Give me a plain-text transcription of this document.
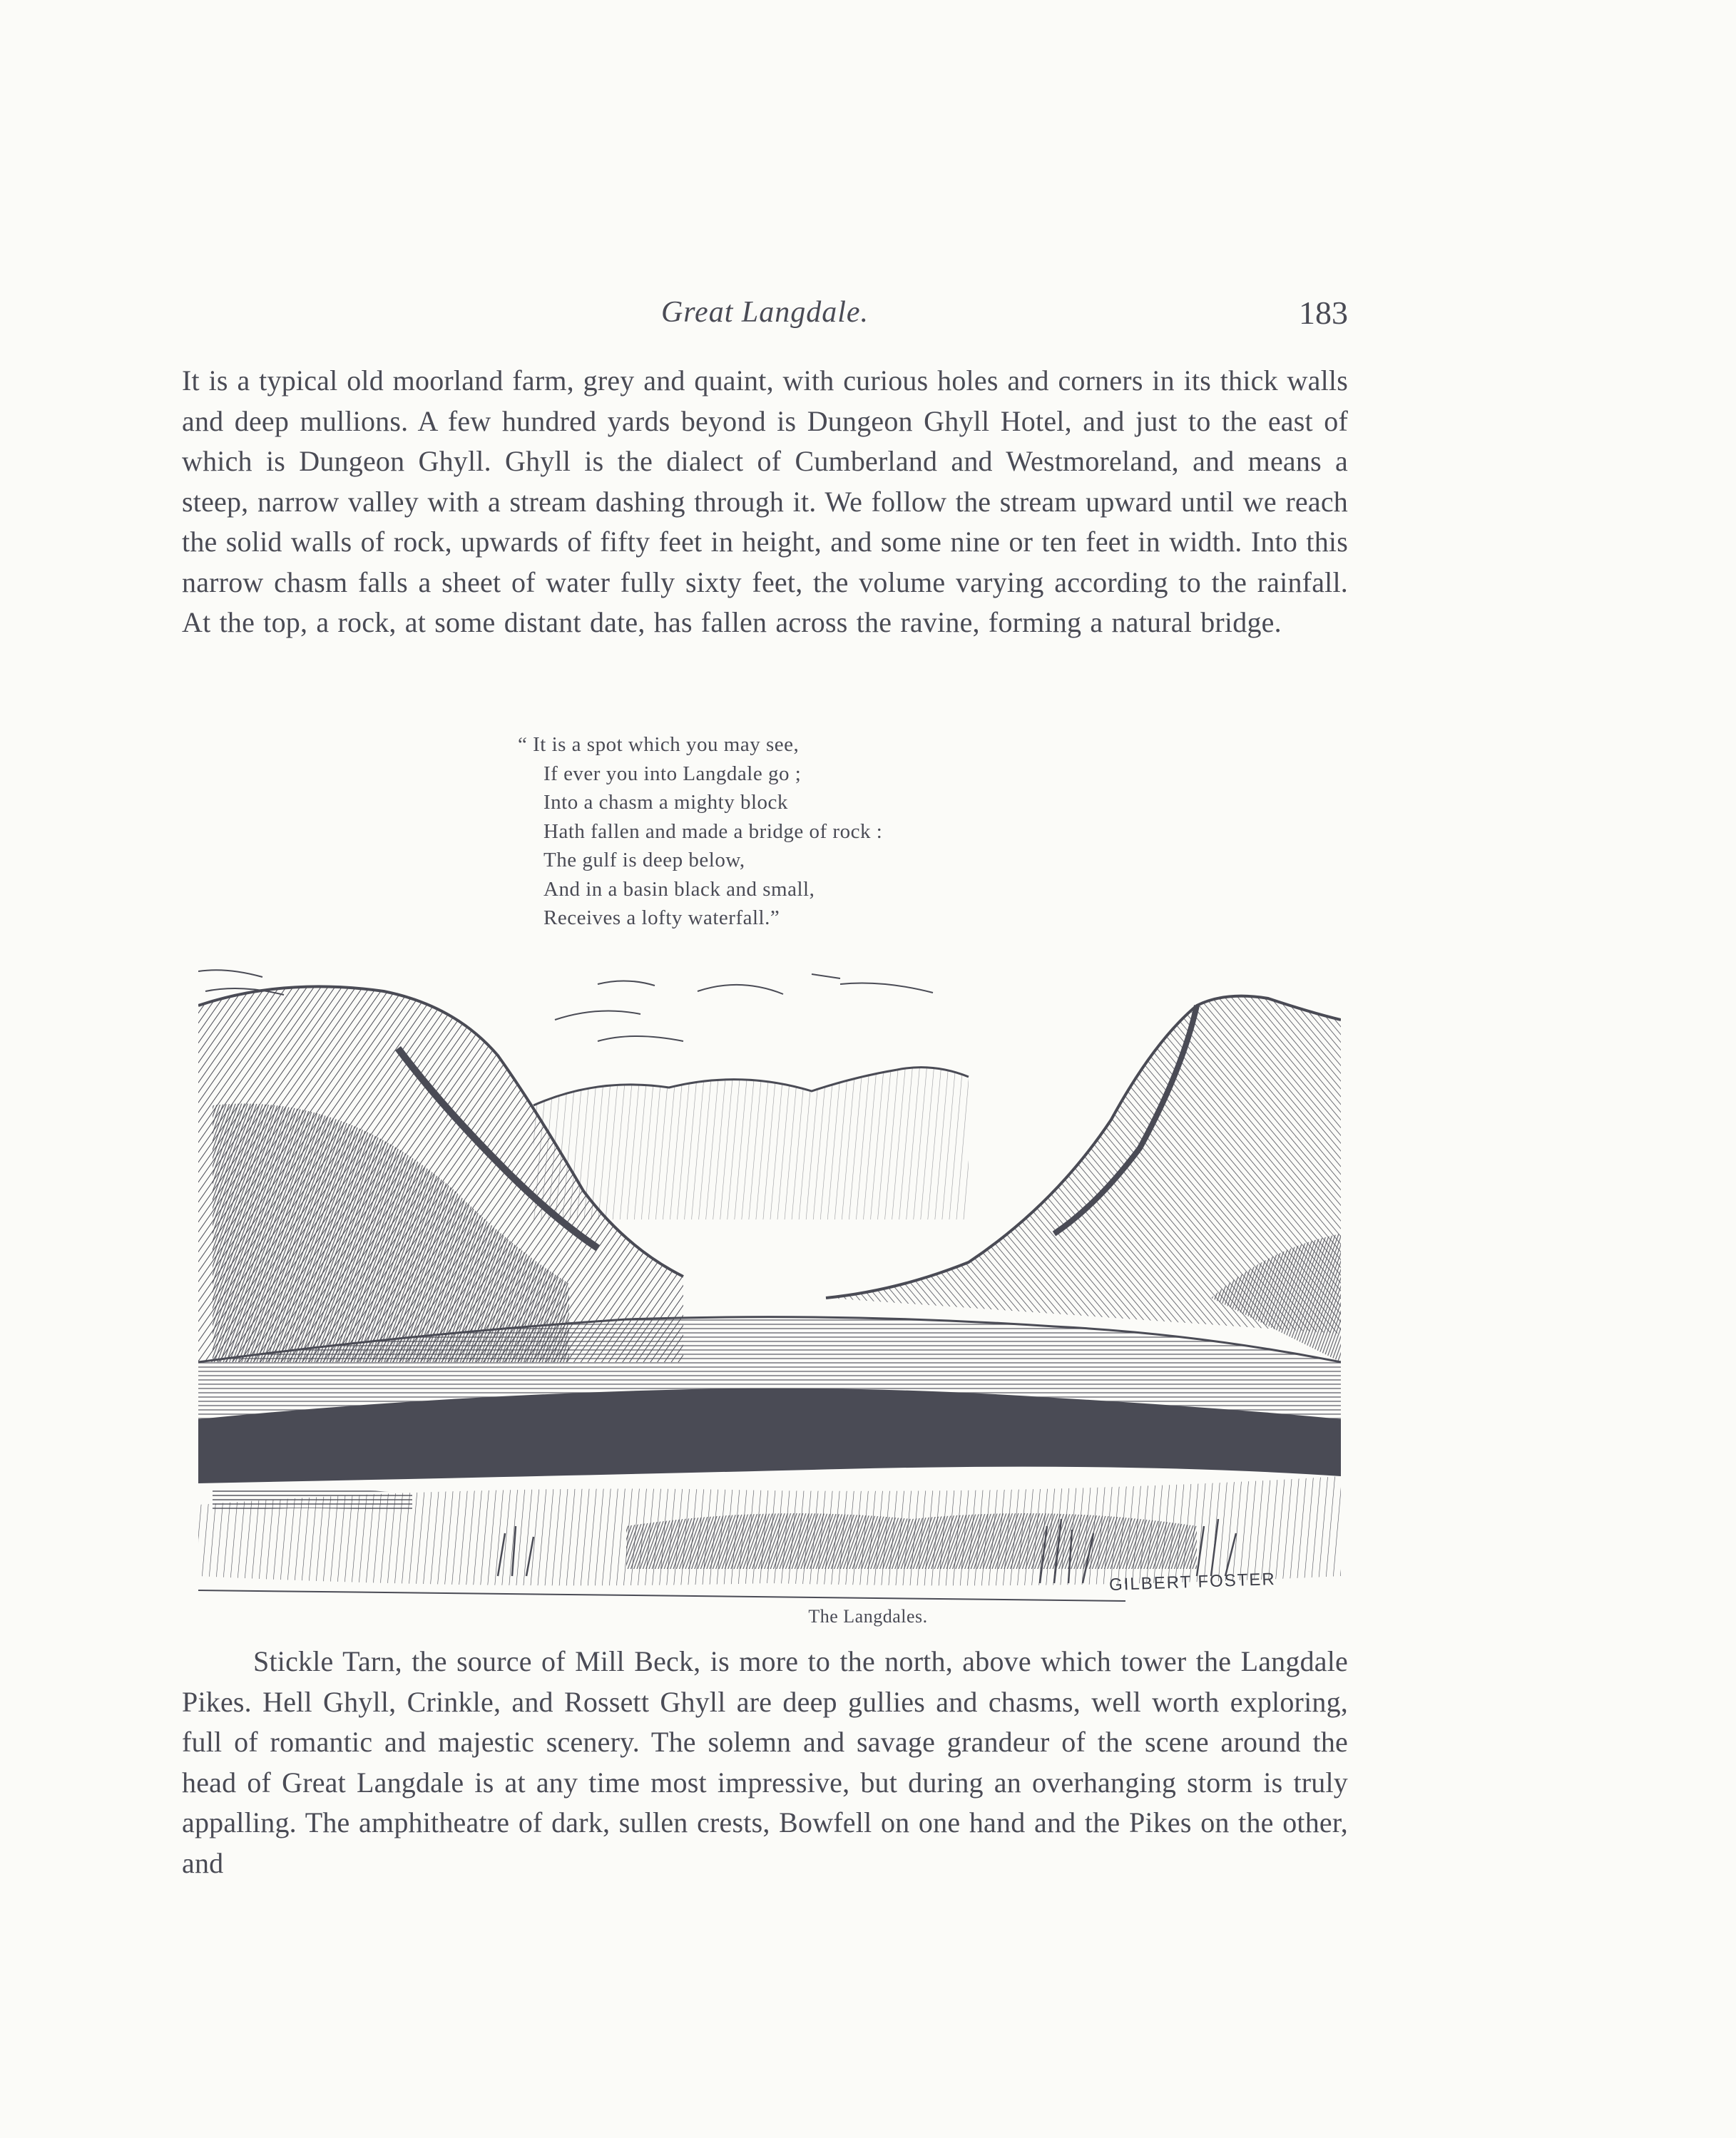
Great Langdale.	183

It is a typical old moorland farm, grey and quaint, with curious holes and corners in its thick walls and deep mullions. A few hundred yards beyond is Dungeon Ghyll Hotel, and just to the east of which is Dungeon Ghyll. Ghyll is the dialect of Cumberland and Westmoreland, and means a steep, narrow valley with a stream dashing through it. We follow the stream upward until we reach the solid walls of rock, upwards of fifty feet in height, and some nine or ten feet in width. Into this narrow chasm falls a sheet of water fully sixty feet, the volume varying according to the rainfall. At the top, a rock, at some distant date, has fallen across the ravine, forming a natural bridge.

“ It is a spot which you may see,
If ever you into Langdale go ;
Into a chasm a mighty block
Hath fallen and made a bridge of rock :
The gulf is deep below,
And in a basin black and small,
Receives a lofty waterfall.”
GILBERT FOSTER
The Langdales.

Stickle Tarn, the source of Mill Beck, is more to the north, above which tower the Langdale Pikes. Hell Ghyll, Crinkle, and Rossett Ghyll are deep gullies and chasms, well worth exploring, full of romantic and majestic scenery. The solemn and savage grandeur of the scene around the head of Great Langdale is at any time most impressive, but during an overhanging storm is truly appalling. The amphitheatre of dark, sullen crests, Bowfell on one hand and the Pikes on the other, and
